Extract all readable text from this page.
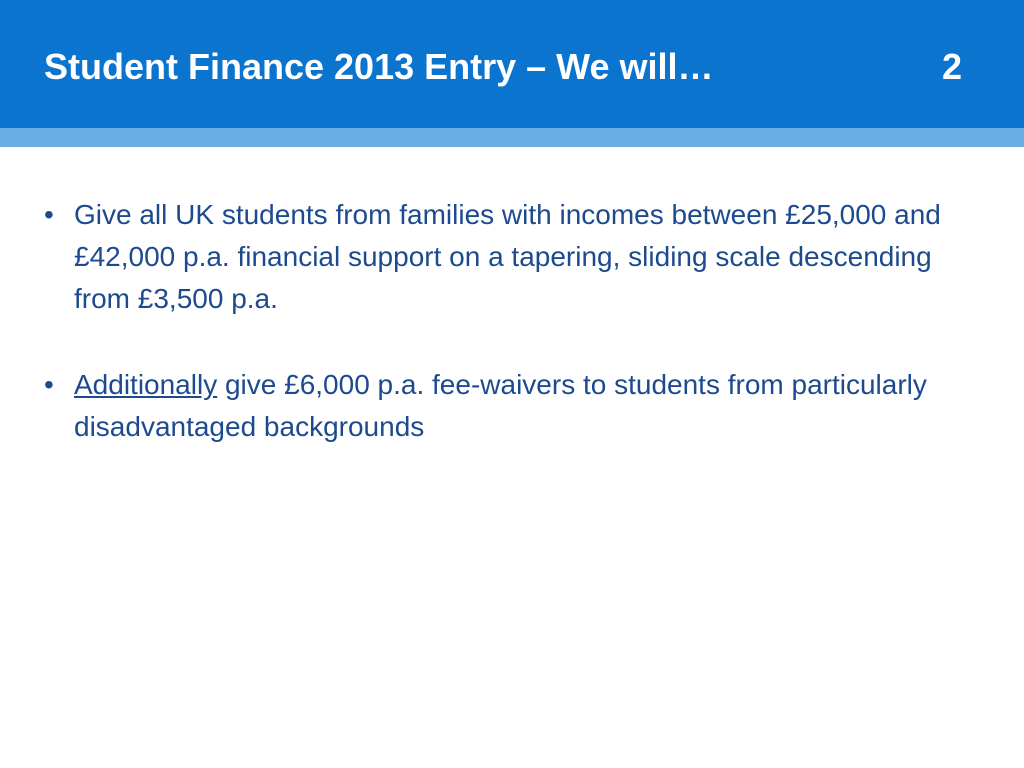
Student Finance 2013 Entry – We will…	2
• Give all UK students from families with incomes between £25,000 and £42,000 p.a. financial support on a tapering, sliding scale descending from £3,500 p.a.
• Additionally give £6,000 p.a. fee-waivers to students from particularly disadvantaged backgrounds
